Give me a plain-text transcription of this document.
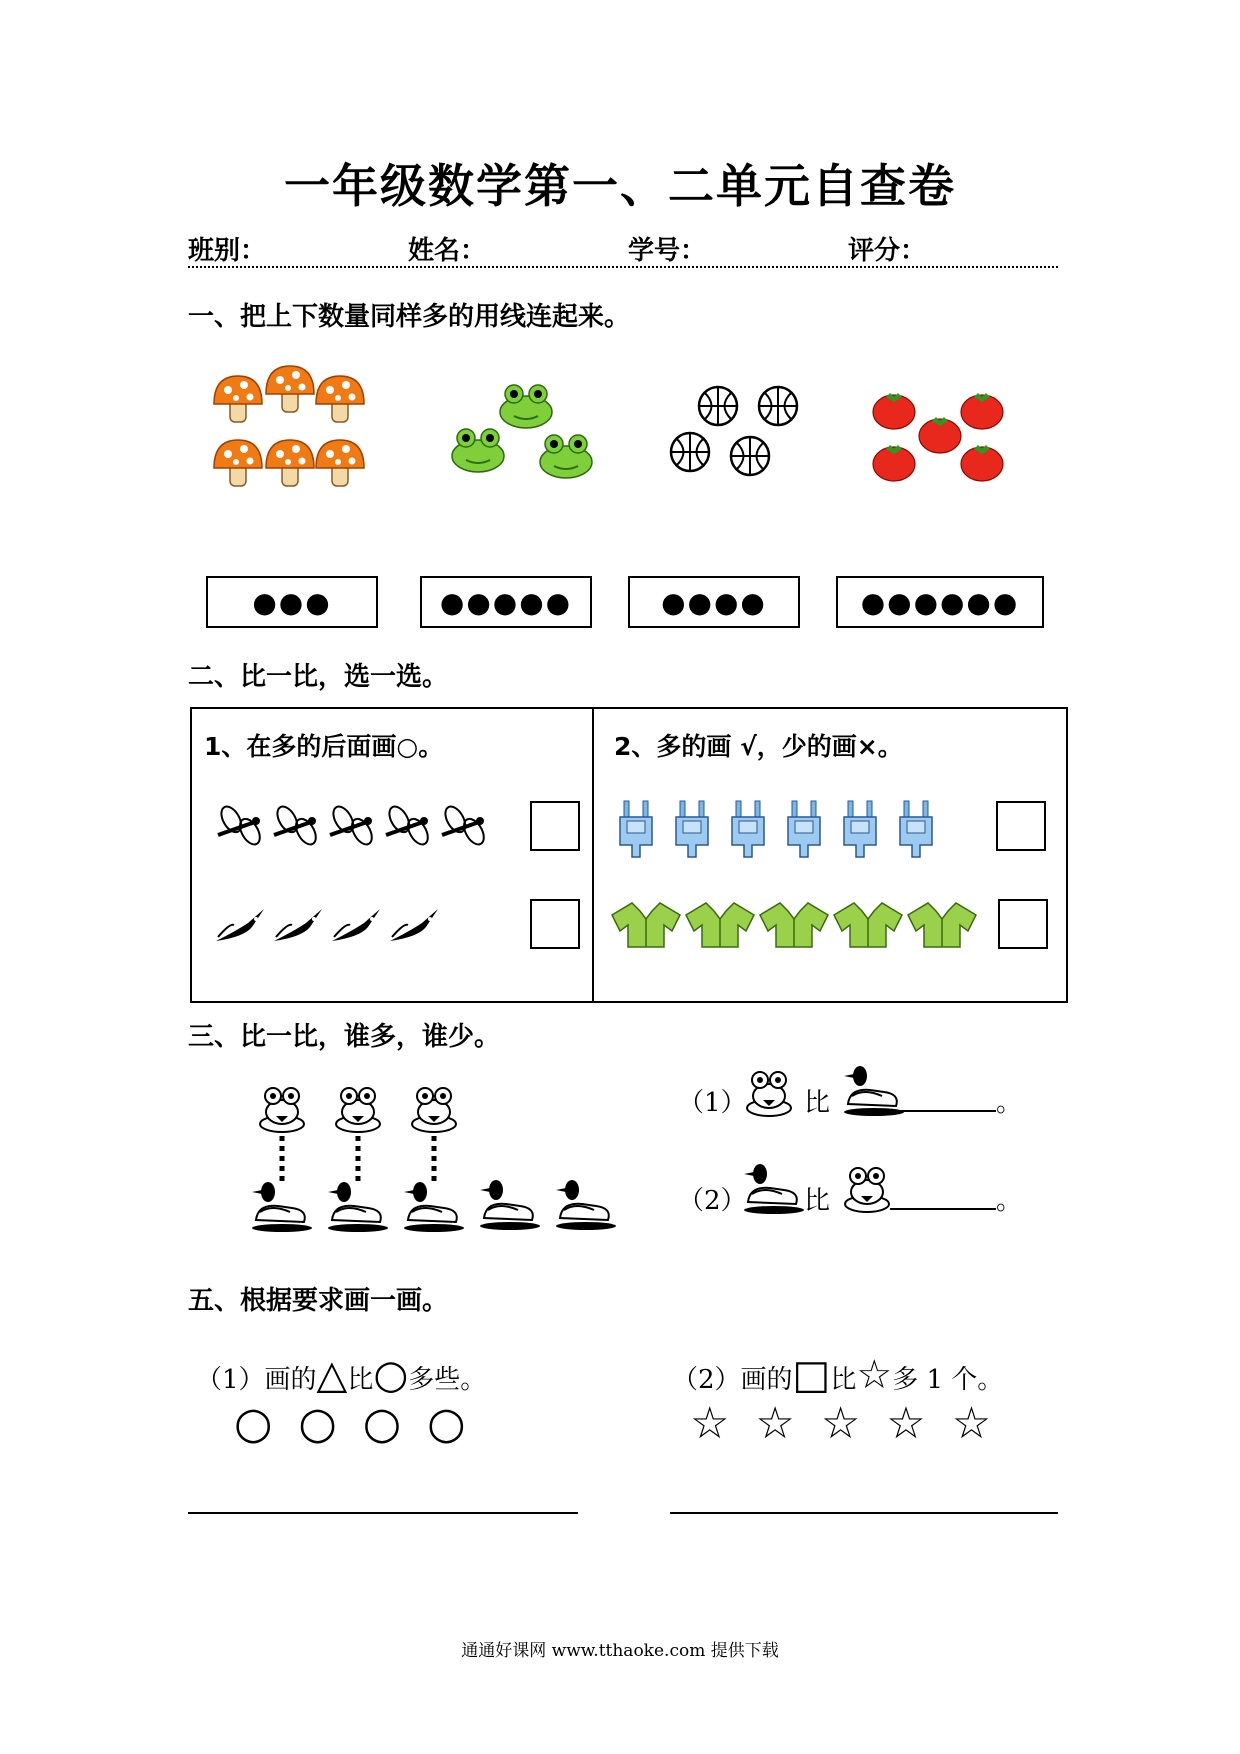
一年级数学第一、二单元自查卷
班别：	姓名：	学号：	评分：
一、把上下数量同样多的用线连起来。
●●●	●●●●●	●●●●	●●●●●●
二、比一比，选一选。
1、在多的后面画○。	2、多的画 √，少的画×。
三、比一比，谁多，谁少。
（1） 比	。
（2） 比	。
五、根据要求画一画。
（1）画的△比○多些。	（2）画的□比☆多 1 个。
○ ○ ○ ○	☆ ☆ ☆ ☆ ☆
通通好课网 www.tthaoke.com 提供下载
